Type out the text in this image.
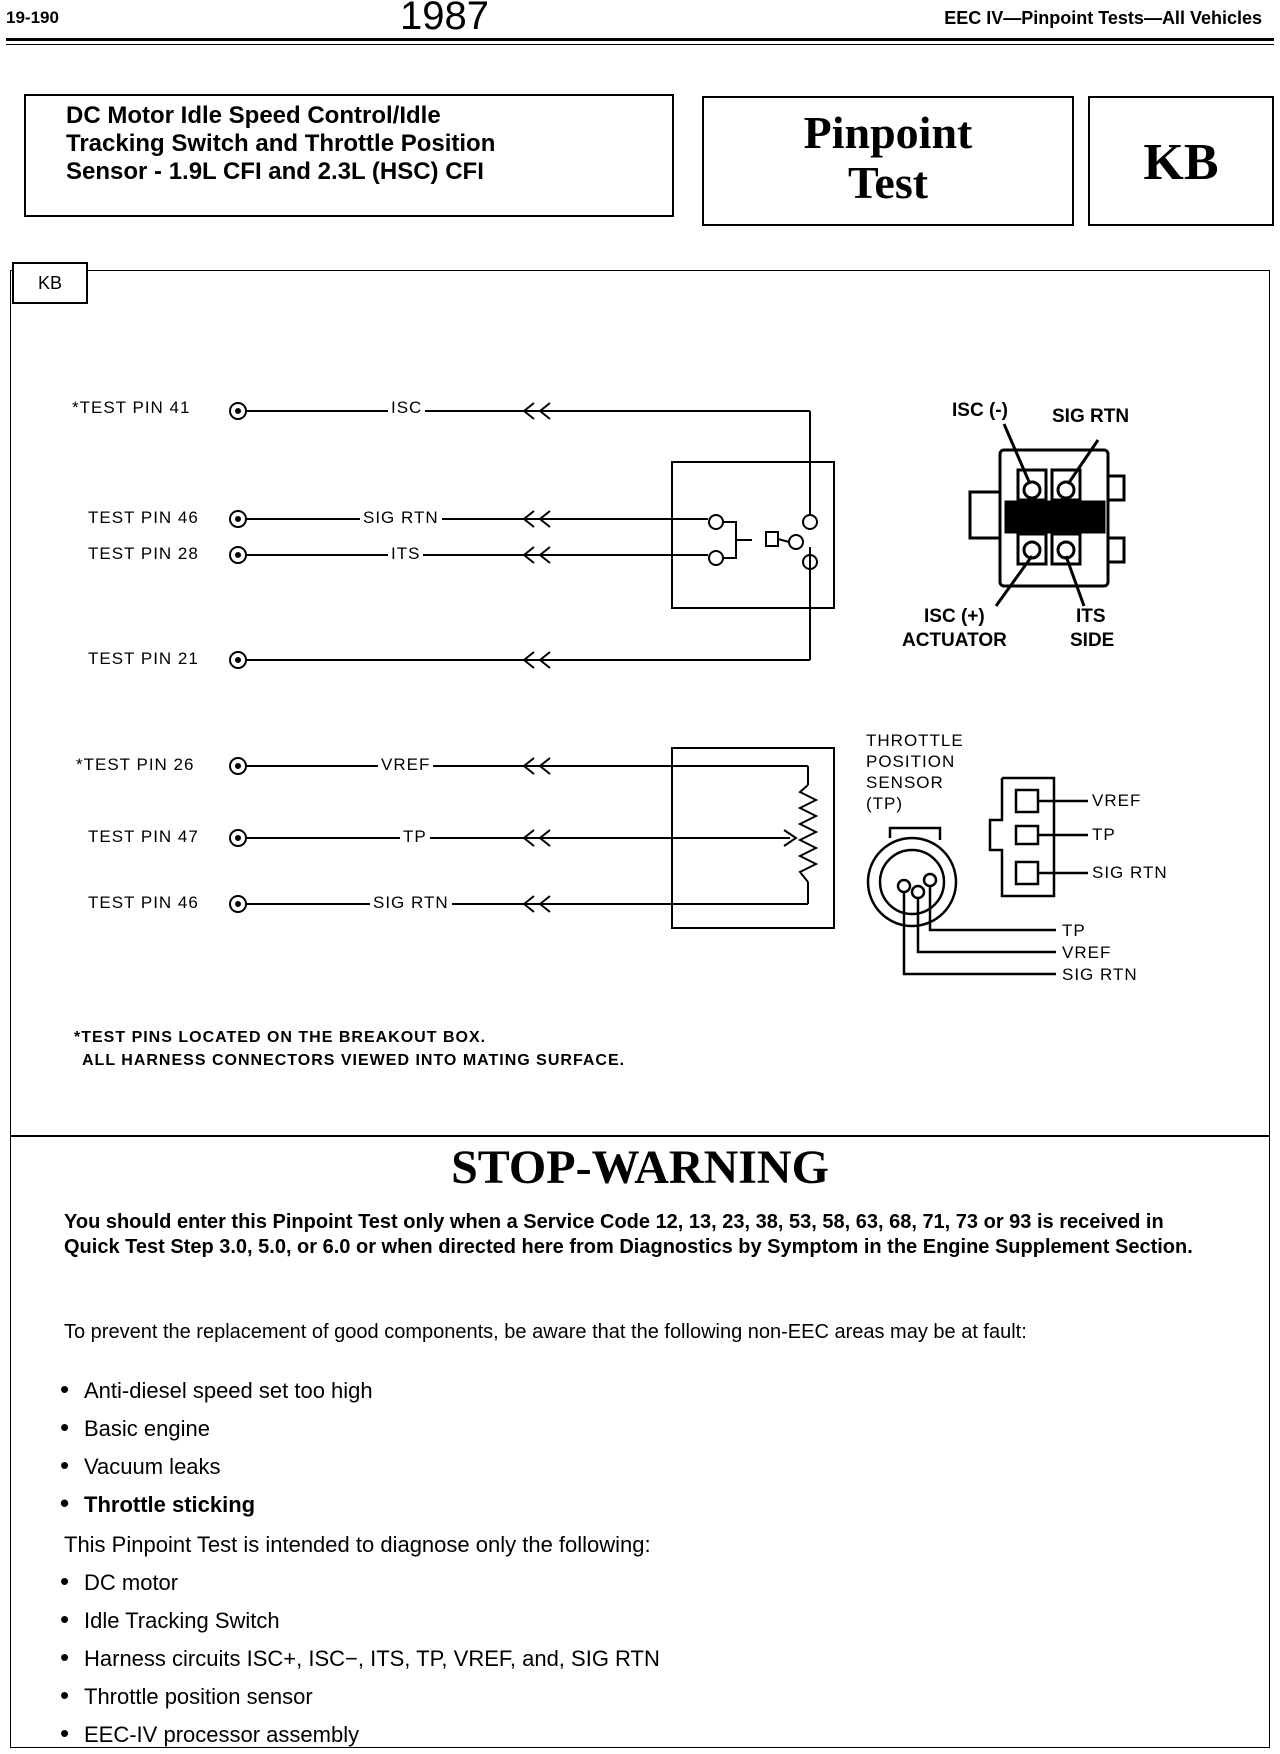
19-190	1987	EEC IV—Pinpoint Tests—All Vehicles
DC Motor Idle Speed Control/Idle
Tracking Switch and Throttle Position
Sensor - 1.9L CFI and 2.3L (HSC) CFI
Pinpoint
Test	KB
KB
*TEST PIN 41
TEST PIN 46
TEST PIN 28
TEST PIN 21
*TEST PIN 26
TEST PIN 47
TEST PIN 46
ISC
SIG RTN
ITS
VREF
TP
SIG RTN
ISC (-) SIG RTN
ISC (+)
ACTUATOR
ITS
SIDE
THROTTLE
POSITION
SENSOR
(TP)	VREF
TP
SIG RTN
TP
VREF
SIG RTN
*TEST PINS LOCATED ON THE BREAKOUT BOX.
ALL HARNESS CONNECTORS VIEWED INTO MATING SURFACE.
STOP-WARNING
You should enter this Pinpoint Test only when a Service Code 12, 13, 23, 38, 53, 58, 63, 68, 71, 73 or 93 is received in Quick Test Step 3.0, 5.0, or 6.0 or when directed here from Diagnostics by Symptom in the Engine Supplement Section.
To prevent the replacement of good components, be aware that the following non-EEC areas may be at fault:
• Anti-diesel speed set too high
• Basic engine
• Vacuum leaks
• Throttle sticking
This Pinpoint Test is intended to diagnose only the following:
• DC motor
• Idle Tracking Switch
• Harness circuits ISC+, ISC−, ITS, TP, VREF, and, SIG RTN
• Throttle position sensor
• EEC-IV processor assembly
